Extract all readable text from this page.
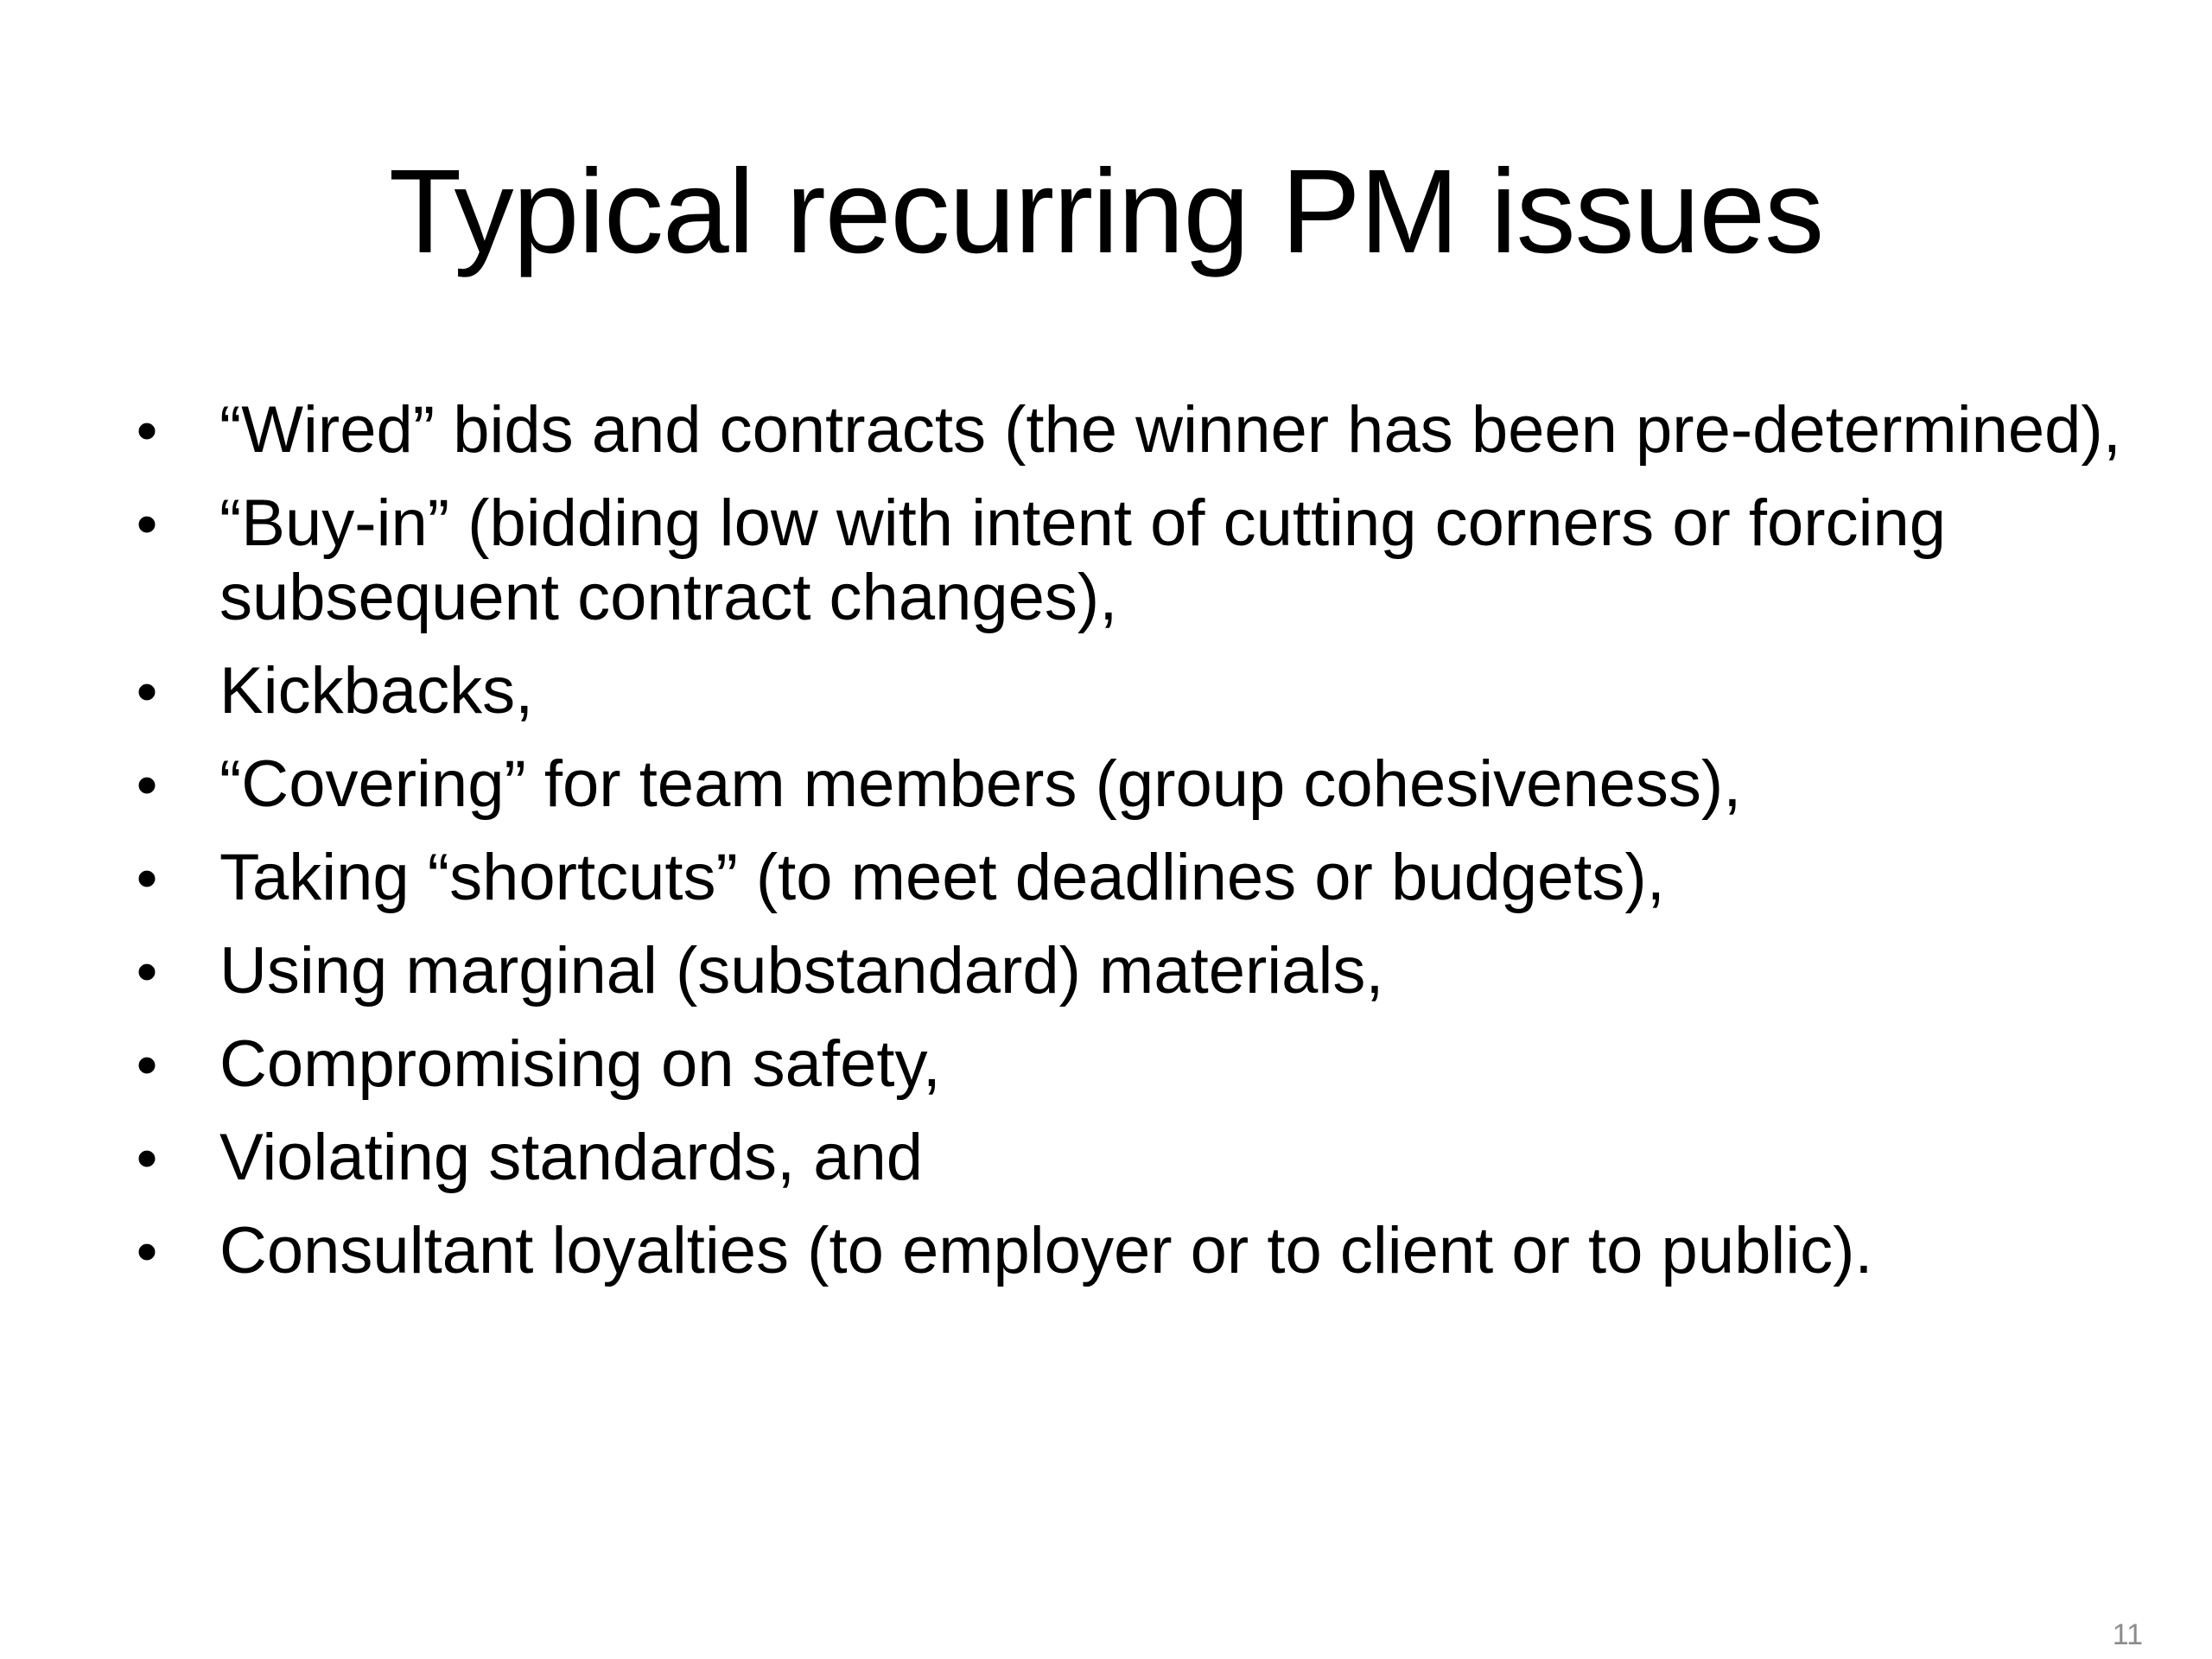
Typical recurring PM issues
• “Wired” bids and contracts (the winner has been pre-determined),
• “Buy-in” (bidding low with intent of cutting corners or forcing subsequent contract changes),
• Kickbacks,
• “Covering” for team members (group cohesiveness),
• Taking “shortcuts” (to meet deadlines or budgets),
• Using marginal (substandard) materials,
• Compromising on safety,
• Violating standards, and
• Consultant loyalties (to employer or to client or to public).
11
